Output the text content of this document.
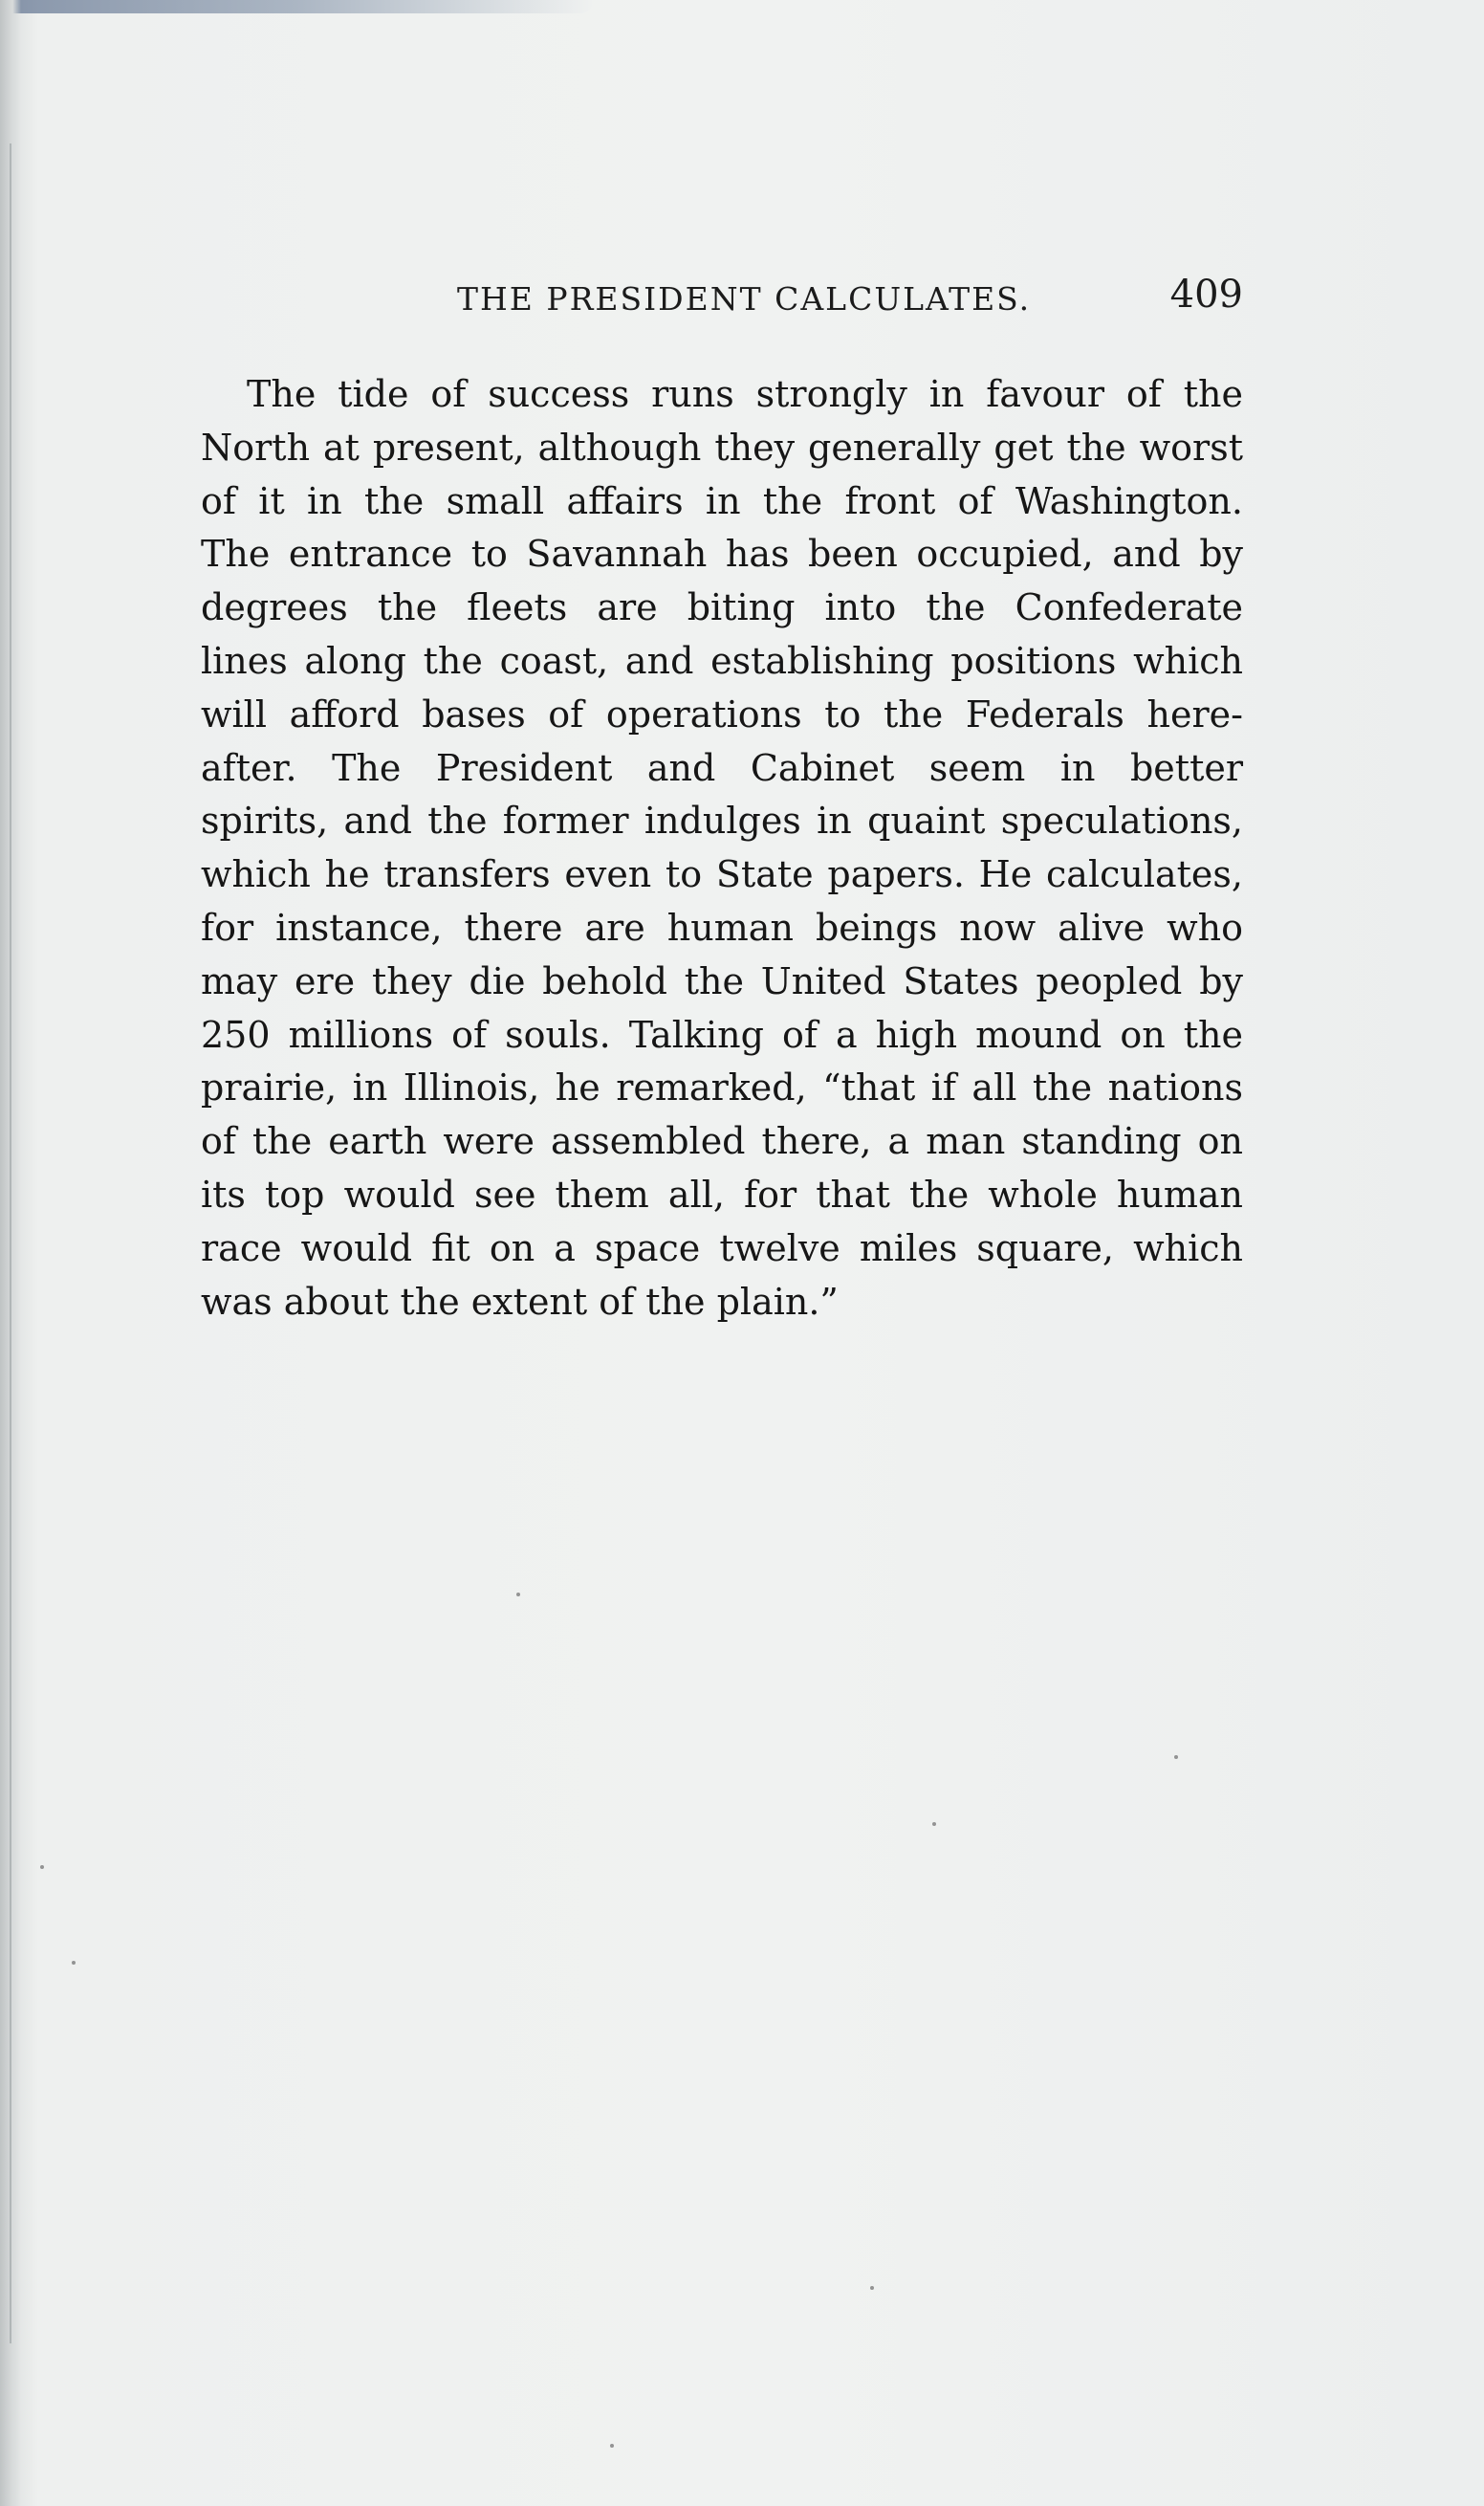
THE PRESIDENT CALCULATES.	409
The tide of success runs strongly in favour of the
North at present, although they generally get the worst
of it in the small affairs in the front of Washington.
The entrance to Savannah has been occupied, and by
degrees the fleets are biting into the Confederate
lines along the coast, and establishing positions which
will afford bases of operations to the Federals here-
after. The President and Cabinet seem in better
spirits, and the former indulges in quaint speculations,
which he transfers even to State papers. He calculates,
for instance, there are human beings now alive who
may ere they die behold the United States peopled by
250 millions of souls. Talking of a high mound on the
prairie, in Illinois, he remarked, “that if all the nations
of the earth were assembled there, a man standing on
its top would see them all, for that the whole human
race would fit on a space twelve miles square, which
was about the extent of the plain.”
